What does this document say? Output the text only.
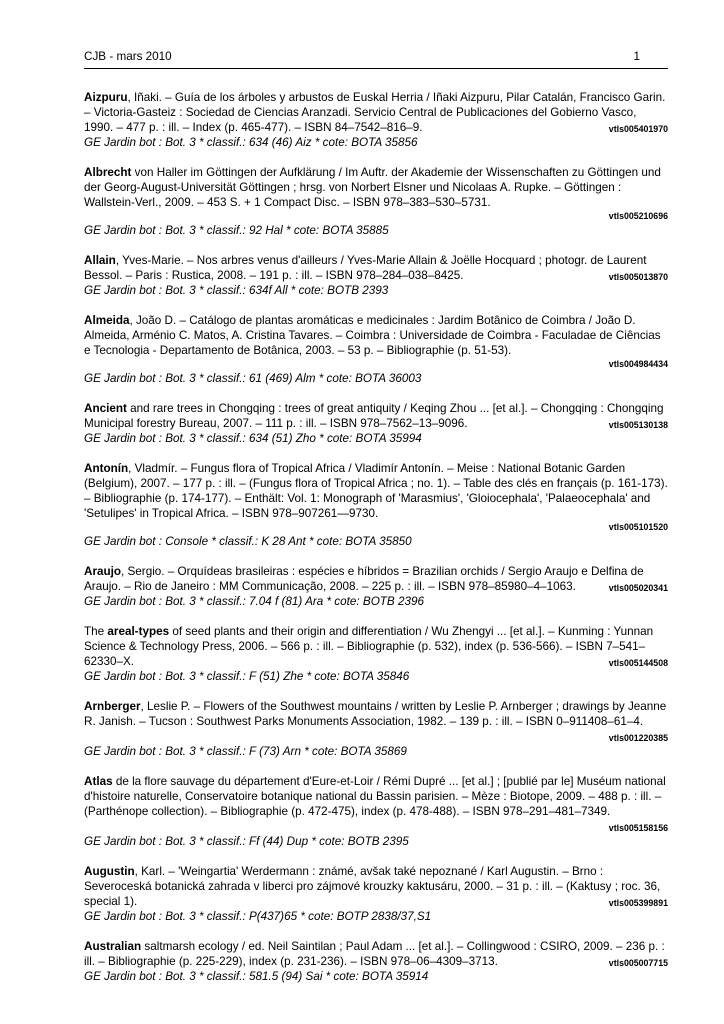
CJB - mars 2010	1

Aizpuru, Iñaki. – Guía de los árboles y arbustos de Euskal Herria / Iñaki Aizpuru, Pilar Catalán, Francisco Garin. – Victoria-Gasteiz : Sociedad de Ciencias Aranzadi. Servicio Central de Publicaciones del Gobierno Vasco, 1990. – 477 p. : ill. – Index (p. 465-477). – ISBN 84–7542–816–9.	vtls005401970

GE Jardin bot : Bot. 3 * classif.: 634 (46) Aiz * cote: BOTA 35856

Albrecht von Haller im Göttingen der Aufklärung / Im Auftr. der Akademie der Wissenschaften zu Göttingen und der Georg-August-Universität Göttingen ; hrsg. von Norbert Elsner und Nicolaas A. Rupke. – Göttingen : Wallstein-Verl., 2009. – 453 S. + 1 Compact Disc. – ISBN 978–383–530–5731.
vtls005210696

GE Jardin bot : Bot. 3 * classif.: 92 Hal * cote: BOTA 35885

Allain, Yves-Marie. – Nos arbres venus d'ailleurs / Yves-Marie Allain & Joëlle Hocquard ; photogr. de Laurent Bessol. – Paris : Rustica, 2008. – 191 p. : ill. – ISBN 978–284–038–8425.	vtls005013870

GE Jardin bot : Bot. 3 * classif.: 634f All * cote: BOTB 2393

Almeida, João D. – Catálogo de plantas aromáticas e medicinales : Jardim Botânico de Coimbra / João D. Almeida, Arménio C. Matos, A. Cristina Tavares. – Coimbra : Universidade de Coimbra - Faculadae de Ciências e Tecnologia - Departamento de Botânica, 2003. – 53 p. – Bibliographie (p. 51-53).
vtls004984434

GE Jardin bot : Bot. 3 * classif.: 61 (469) Alm * cote: BOTA 36003

Ancient and rare trees in Chongqing : trees of great antiquity / Keqing Zhou ... [et al.]. – Chongqing : Chongqing Municipal forestry Bureau, 2007. – 111 p. : ill. – ISBN 978–7562–13–9096.	vtls005130138

GE Jardin bot : Bot. 3 * classif.: 634 (51) Zho * cote: BOTA 35994

Antonín, Vladmír. – Fungus flora of Tropical Africa / Vladimír Antonín. – Meise : National Botanic Garden (Belgium), 2007. – 177 p. : ill. – (Fungus flora of Tropical Africa ; no. 1). – Table des clés en français (p. 161-173). – Bibliographie (p. 174-177). – Enthält: Vol. 1: Monograph of 'Marasmius', 'Gloiocephala', 'Palaeocephala' and 'Setulipes' in Tropical Africa. – ISBN 978–907261—9730.
vtls005101520

GE Jardin bot : Console * classif.: K 28 Ant * cote: BOTA 35850

Araujo, Sergio. – Orquídeas brasileiras : espécies e híbridos = Brazilian orchids / Sergio Araujo e Delfina de Araujo. – Rio de Janeiro : MM Communicação, 2008. – 225 p. : ill. – ISBN 978–85980–4–1063.	vtls005020341

GE Jardin bot : Bot. 3 * classif.: 7.04 f (81) Ara * cote: BOTB 2396

The areal-types of seed plants and their origin and differentiation / Wu Zhengyi ... [et al.]. – Kunming : Yunnan Science & Technology Press, 2006. – 566 p. : ill. – Bibliographie (p. 532), index (p. 536-566). – ISBN 7–541–62330–X.	vtls005144508

GE Jardin bot : Bot. 3 * classif.: F (51) Zhe * cote: BOTA 35846

Arnberger, Leslie P. – Flowers of the Southwest mountains / written by Leslie P. Arnberger ; drawings by Jeanne R. Janish. – Tucson : Southwest Parks Monuments Association, 1982. – 139 p. : ill. – ISBN 0–911408–61–4.
vtls001220385

GE Jardin bot : Bot. 3 * classif.: F (73) Arn * cote: BOTA 35869

Atlas de la flore sauvage du département d'Eure-et-Loir / Rémi Dupré ... [et al.] ; [publié par le] Muséum national d'histoire naturelle, Conservatoire botanique national du Bassin parisien. – Mèze : Biotope, 2009. – 488 p. : ill. – (Parthénope collection). – Bibliographie (p. 472-475), index (p. 478-488). – ISBN 978–291–481–7349.
vtls005158156

GE Jardin bot : Bot. 3 * classif.: Ff (44) Dup * cote: BOTB 2395

Augustin, Karl. – 'Weingartia' Werdermann : známé, avšak také nepoznané / Karl Augustin. – Brno : Severoceská botanická zahrada v liberci pro zájmové krouzky kaktusáru, 2000. – 31 p. : ill. – (Kaktusy ; roc. 36, special 1).	vtls005399891

GE Jardin bot : Bot. 3 * classif.: P(437)65 * cote: BOTP 2838/37,S1

Australian saltmarsh ecology / ed. Neil Saintilan ; Paul Adam ... [et al.]. – Collingwood : CSIRO, 2009. – 236 p. : ill. – Bibliographie (p. 225-229), index (p. 231-236). – ISBN 978–06–4309–3713.	vtls005007715

GE Jardin bot : Bot. 3 * classif.: 581.5 (94) Sai * cote: BOTA 35914
